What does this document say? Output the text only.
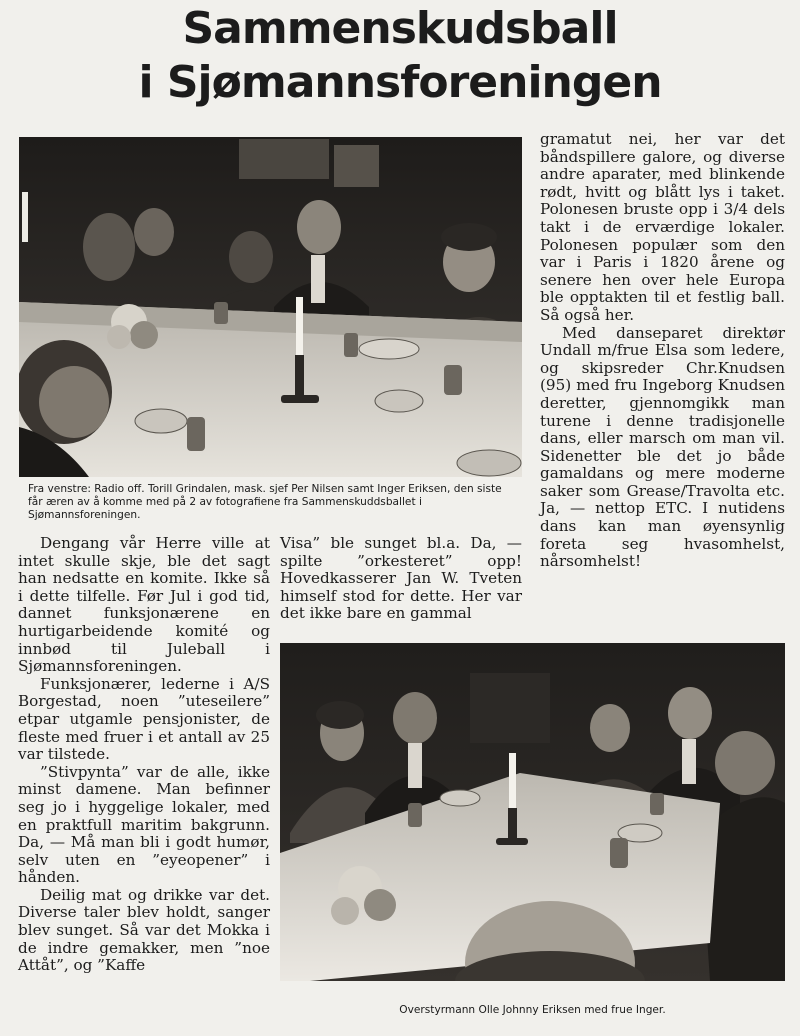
Sammenskudsball
i Sjømannsforeningen
Fra venstre: Radio off. Torill Grindalen, mask. sjef Per Nilsen samt Inger Eriksen, den siste får æren av å komme med på 2 av fotografiene fra Sammenskuddsballet i Sjømannsforeningen.

Dengang vår Herre ville at intet skulle skje, ble det sagt han nedsatte en komite. Ikke så i dette tilfelle. Før Jul i god tid, dannet funksjonærene en hurtigarbeidende komité og innbød til Juleball i Sjømannsforeningen.

Funksjonærer, lederne i A/S Borgestad, noen ”uteseilere” etpar utgamle pensjonister, de fleste med fruer i et antall av 25 var tilstede.

”Stivpynta” var de alle, ikke minst damene. Man befinner seg jo i hyggelige lokaler, med en praktfull maritim bakgrunn. Da, — Må man bli i godt humør, selv uten en ”eyeopener” i hånden.

Deilig mat og drikke var det. Diverse taler blev holdt, sanger blev sunget. Så var det Mokka i de indre gemakker, men ”noe Attåt”, og ”Kaffe

Visa” ble sunget bl.a. Da, — spilte ”orkesteret” opp! Hovedkasserer Jan W. Tveten himself stod for dette. Her var det ikke bare en gammal

gramatut nei, her var det båndspillere galore, og diverse andre aparater, med blinkende rødt, hvitt og blått lys i taket. Polonesen bruste opp i 3/4 dels takt i de erværdige lokaler. Polonesen populær som den var i Paris i 1820 årene og senere hen over hele Europa ble opptakten til et festlig ball. Så også her.

Med danseparet direktør Undall m/frue Elsa som ledere, og skipsreder Chr.Knudsen (95) med fru Ingeborg Knudsen deretter, gjennomgikk man turene i denne tradisjonelle dans, eller marsch om man vil. Sidenetter ble det jo både gamaldans og mere moderne saker som Grease/Travolta etc. Ja, — nettop ETC. I nutidens dans kan man øyensynlig foreta seg hvasomhelst, nårsomhelst!

Overstyrmann Olle Johnny Eriksen med frue Inger.
